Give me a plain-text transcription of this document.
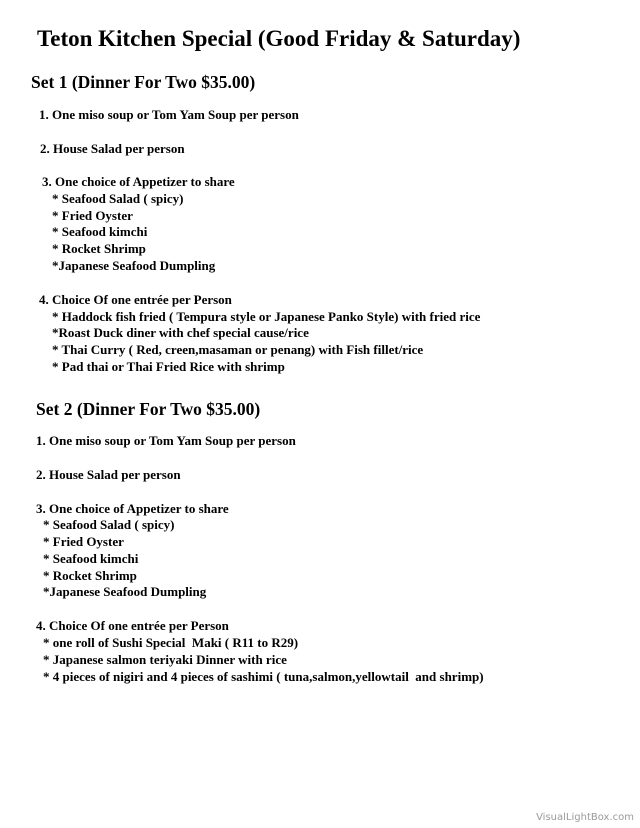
Teton Kitchen Special (Good Friday & Saturday)
Set 1 (Dinner For Two $35.00)
1. One miso soup or Tom Yam Soup per person
2. House Salad per person
3. One choice of Appetizer to share
* Seafood Salad ( spicy)
* Fried Oyster
* Seafood kimchi
* Rocket Shrimp
*Japanese Seafood Dumpling
4. Choice Of one entrée per Person
* Haddock fish fried ( Tempura style or Japanese Panko Style) with fried rice
*Roast Duck diner with chef special cause/rice
* Thai Curry ( Red, creen,masaman or penang) with Fish fillet/rice
* Pad thai or Thai Fried Rice with shrimp
Set 2 (Dinner For Two $35.00)
1. One miso soup or Tom Yam Soup per person
2. House Salad per person
3. One choice of Appetizer to share
* Seafood Salad ( spicy)
* Fried Oyster
* Seafood kimchi
* Rocket Shrimp
*Japanese Seafood Dumpling
4. Choice Of one entrée per Person
* one roll of Sushi Special  Maki ( R11 to R29)
* Japanese salmon teriyaki Dinner with rice
* 4 pieces of nigiri and 4 pieces of sashimi ( tuna,salmon,yellowtail  and shrimp)
VisualLightBox.com
